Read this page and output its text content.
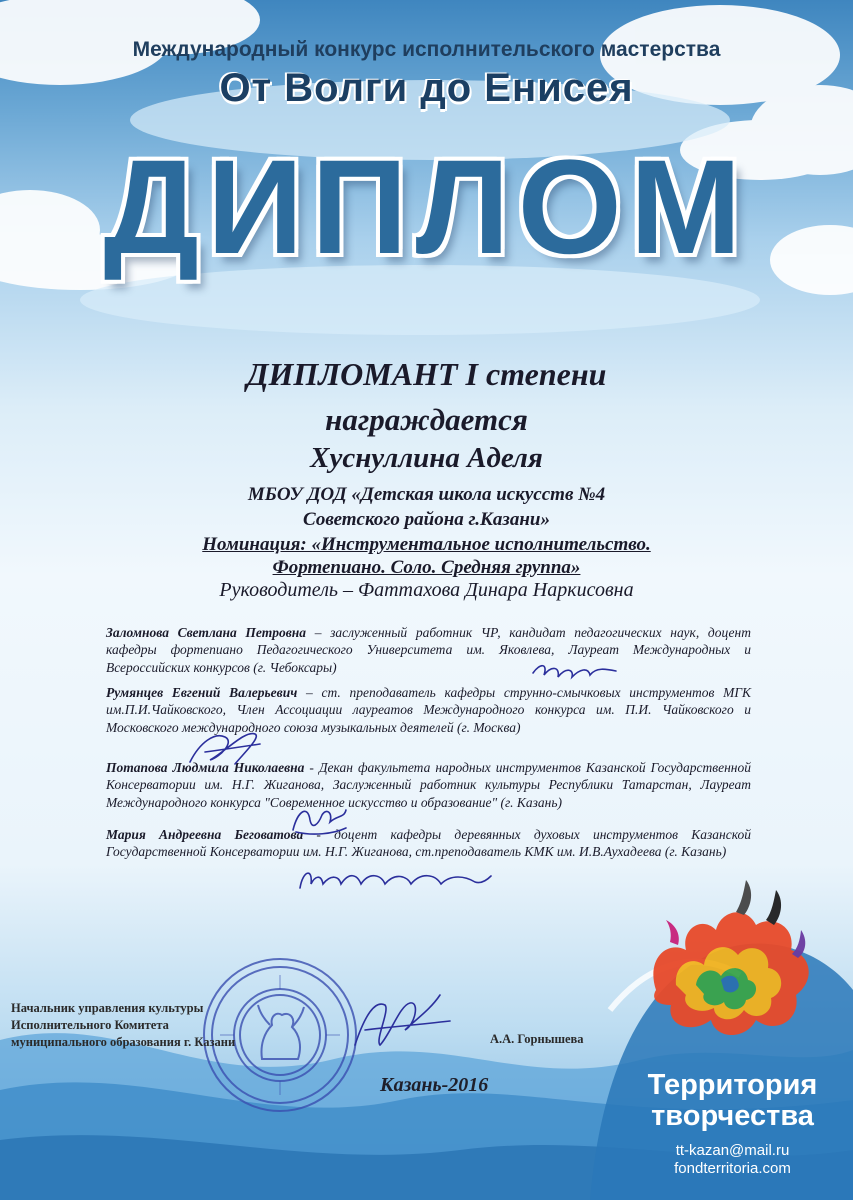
Международный конкурс исполнительского мастерства
От Волги до Енисея
ДИПЛОМ
ДИПЛОМАНТ I степени
награждается
Хуснуллина Аделя
МБОУ ДОД «Детская школа искусств №4
Советского района г.Казани»
Номинация: «Инструментальное исполнительство.
Фортепиано. Соло. Средняя группа»
Руководитель – Фаттахова Динара Наркисовна
Заломнова Светлана Петровна – заслуженный работник ЧР, кандидат педагогических наук, доцент кафедры фортепиано Педагогического Университета им. Яковлева, Лауреат Международных и Всероссийских конкурсов (г. Чебоксары)
Румянцев Евгений Валерьевич – ст. преподаватель кафедры струнно-смычковых инструментов МГК им.П.И.Чайковского, Член Ассоциации лауреатов Международного конкурса им. П.И. Чайковского и Московского международного союза музыкальных деятелей (г. Москва)
Потапова Людмила Николаевна - Декан факультета народных инструментов Казанской Государственной Консерватории им. Н.Г. Жиганова, Заслуженный работник культуры Республики Татарстан, Лауреат Международного конкурса "Современное искусство и образование" (г. Казань)
Мария Андреевна Беговатова - доцент кафедры деревянных духовых инструментов Казанской Государственной Консерватории им. Н.Г. Жиганова, ст.преподаватель КМК им. И.В.Аухадеева (г. Казань)
Начальник управления культуры
Исполнительного Комитета
муниципального образования г. Казани	А.А. Горнышева
Казань-2016	Территория
творчества
tt-kazan@mail.ru
fondterritoria.com
